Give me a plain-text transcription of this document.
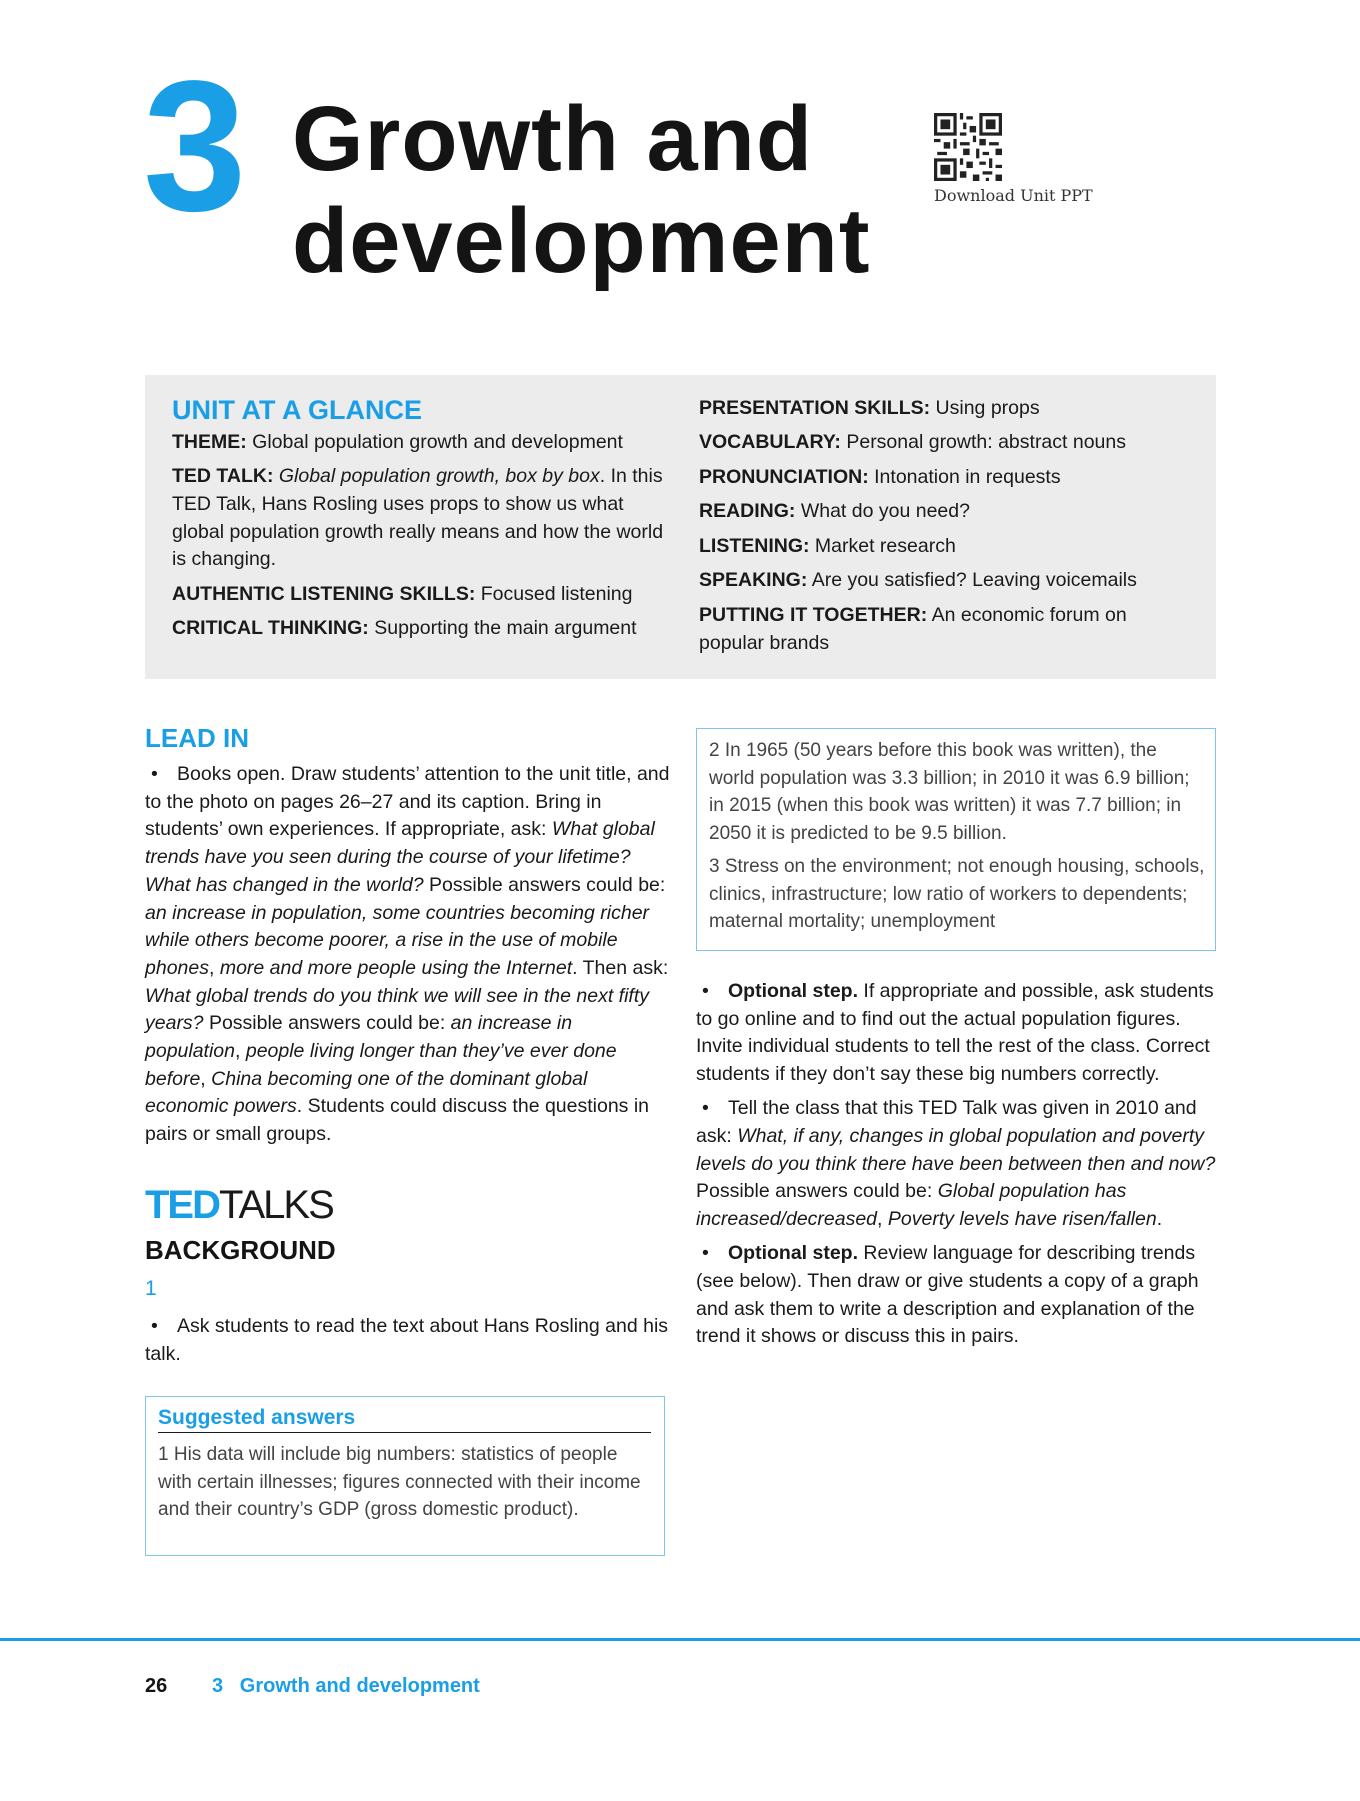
3 Growth and
development	Download Unit PPT
UNIT AT A GLANCE

THEME: Global population growth and development

TED TALK: Global population growth, box by box. In this TED Talk, Hans Rosling uses props to show us what global population growth really means and how the world is changing.

AUTHENTIC LISTENING SKILLS: Focused listening

CRITICAL THINKING: Supporting the main argument

PRESENTATION SKILLS: Using props

VOCABULARY: Personal growth: abstract nouns

PRONUNCIATION: Intonation in requests

READING: What do you need?

LISTENING: Market research

SPEAKING: Are you satisfied? Leaving voicemails

PUTTING IT TOGETHER: An economic forum on popular brands

LEAD IN

• Books open. Draw students’ attention to the unit title, and to the photo on pages 26–27 and its caption. Bring in students’ own experiences. If appropriate, ask: What global trends have you seen during the course of your lifetime? What has changed in the world? Possible answers could be: an increase in population, some countries becoming richer while others become poorer, a rise in the use of mobile phones, more and more people using the Internet. Then ask: What global trends do you think we will see in the next fifty years? Possible answers could be: an increase in population, people living longer than they’ve ever done before, China becoming one of the dominant global economic powers. Students could discuss the questions in pairs or small groups.

TEDTALKS
BACKGROUND
1

• Ask students to read the text about Hans Rosling and his talk.

Suggested answers
1 His data will include big numbers: statistics of people with certain illnesses; figures connected with their income and their country’s GDP (gross domestic product).

2 In 1965 (50 years before this book was written), the world population was 3.3 billion; in 2010 it was 6.9 billion; in 2015 (when this book was written) it was 7.7 billion; in 2050 it is predicted to be 9.5 billion.

3 Stress on the environment; not enough housing, schools, clinics, infrastructure; low ratio of workers to dependents; maternal mortality; unemployment

• Optional step. If appropriate and possible, ask students to go online and to find out the actual population figures. Invite individual students to tell the rest of the class. Correct students if they don’t say these big numbers correctly.

• Tell the class that this TED Talk was given in 2010 and ask: What, if any, changes in global population and poverty levels do you think there have been between then and now? Possible answers could be: Global population has increased/decreased, Poverty levels have risen/fallen.

• Optional step. Review language for describing trends (see below). Then draw or give students a copy of a graph and ask them to write a description and explanation of the trend it shows or discuss this in pairs.

26 3   Growth and development
